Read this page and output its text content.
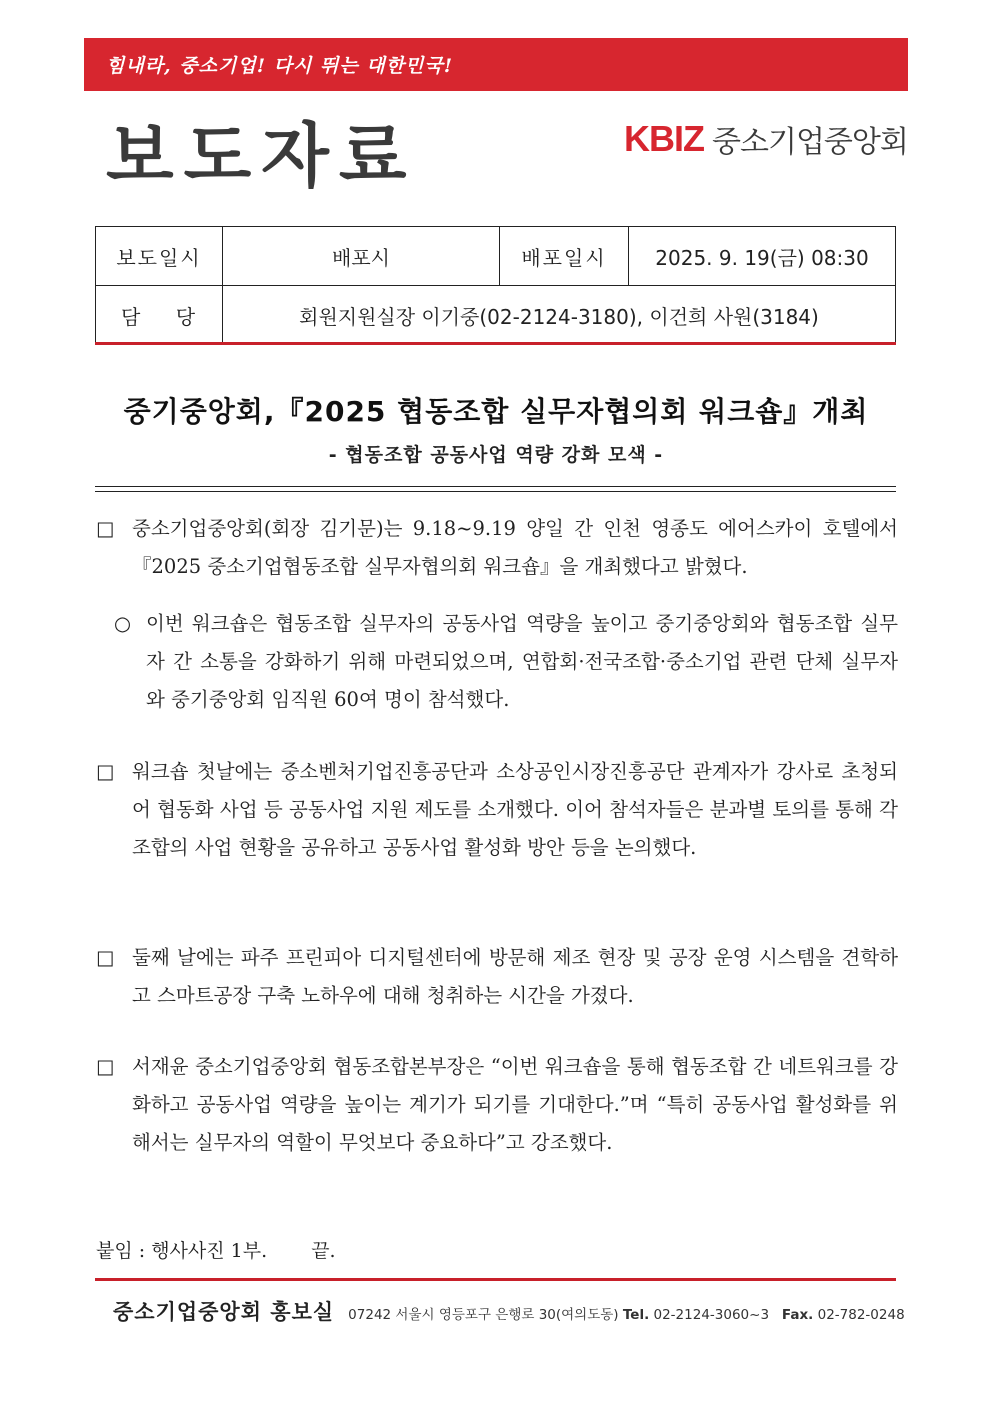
힘내라, 중소기업! 다시 뛰는 대한민국!
보도자료	KBIZ 중소기업중앙회
보도일시	배포시	배포일시	2025. 9. 19(금) 08:30
담    당	회원지원실장 이기중(02-2124-3180), 이건희 사원(3184)		
중기중앙회,『2025 협동조합 실무자협의회 워크숍』개최
- 협동조합 공동사업 역량 강화 모색 -
□ 중소기업중앙회(회장 김기문)는 9.18~9.19 양일 간 인천 영종도 에어스카이 호텔에서『2025 중소기업협동조합 실무자협의회 워크숍』을 개최했다고 밝혔다.
○ 이번 워크숍은 협동조합 실무자의 공동사업 역량을 높이고 중기중앙회와 협동조합 실무자 간 소통을 강화하기 위해 마련되었으며, 연합회·전국조합·중소기업 관련 단체 실무자와 중기중앙회 임직원 60여 명이 참석했다.
□ 워크숍 첫날에는 중소벤처기업진흥공단과 소상공인시장진흥공단 관계자가 강사로 초청되어 협동화 사업 등 공동사업 지원 제도를 소개했다. 이어 참석자들은 분과별 토의를 통해 각 조합의 사업 현황을 공유하고 공동사업 활성화 방안 등을 논의했다.
□ 둘째 날에는 파주 프린피아 디지털센터에 방문해 제조 현장 및 공장 운영 시스템을 견학하고 스마트공장 구축 노하우에 대해 청취하는 시간을 가졌다.
□ 서재윤 중소기업중앙회 협동조합본부장은 “이번 워크숍을 통해 협동조합 간 네트워크를 강화하고 공동사업 역량을 높이는 계기가 되기를 기대한다.”며 “특히 공동사업 활성화를 위해서는 실무자의 역할이 무엇보다 중요하다”고 강조했다.
붙임 : 행사사진 1부. 끝.
중소기업중앙회 홍보실 07242 서울시 영등포구 은행로 30(여의도동) Tel. 02-2124-3060~3 Fax. 02-782-0248
